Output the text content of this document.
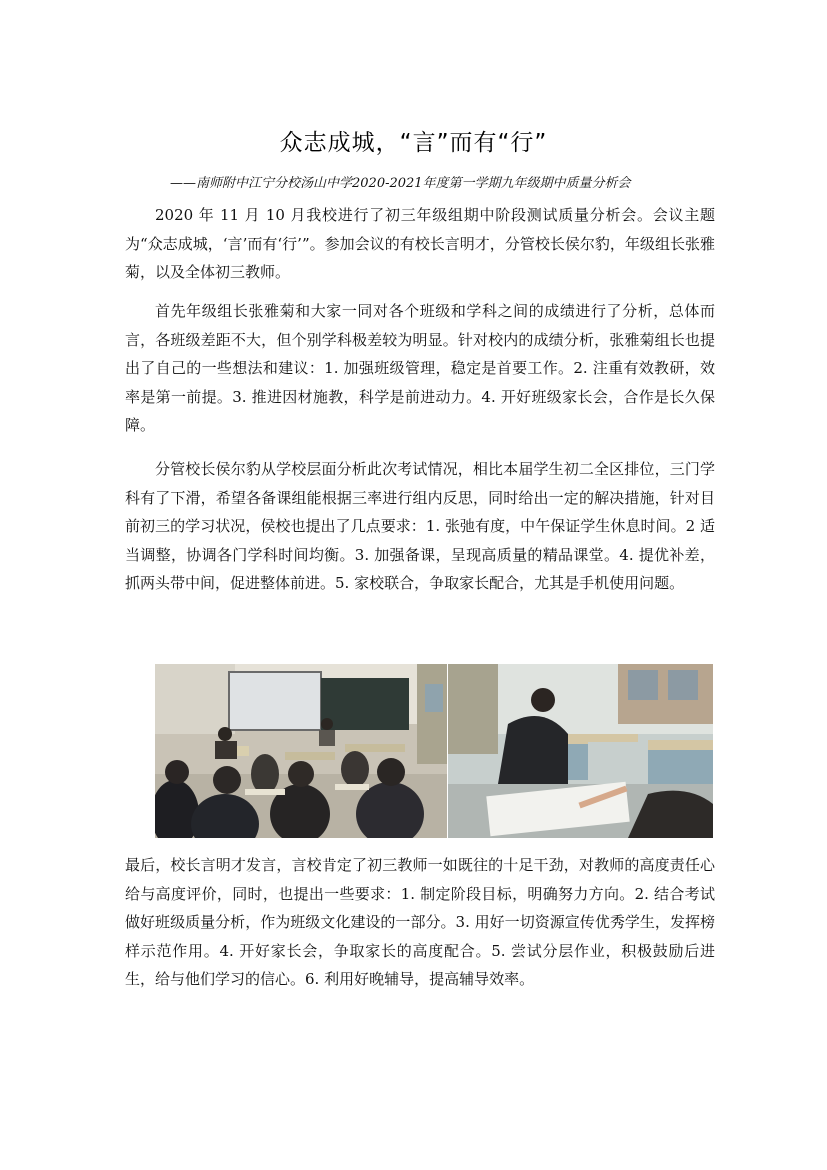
众志成城，“言”而有“行”
——南师附中江宁分校汤山中学2020-2021年度第一学期九年级期中质量分析会
2020 年 11 月 10 月我校进行了初三年级组期中阶段测试质量分析会。会议主题为“众志成城，‘言’而有‘行’”。参加会议的有校长言明才，分管校长侯尔豹，年级组长张雅菊，以及全体初三教师。
首先年级组长张雅菊和大家一同对各个班级和学科之间的成绩进行了分析，总体而言，各班级差距不大，但个别学科极差较为明显。针对校内的成绩分析，张雅菊组长也提出了自己的一些想法和建议：1. 加强班级管理，稳定是首要工作。2. 注重有效教研，效率是第一前提。3. 推进因材施教，科学是前进动力。4. 开好班级家长会，合作是长久保障。
分管校长侯尔豹从学校层面分析此次考试情况，相比本届学生初二全区排位，三门学科有了下滑，希望各备课组能根据三率进行组内反思，同时给出一定的解决措施，针对目前初三的学习状况，侯校也提出了几点要求：1. 张弛有度，中午保证学生休息时间。2 适当调整，协调各门学科时间均衡。3. 加强备课，呈现高质量的精品课堂。4. 提优补差，抓两头带中间，促进整体前进。5. 家校联合，争取家长配合，尤其是手机使用问题。
最后，校长言明才发言，言校肯定了初三教师一如既往的十足干劲，对教师的高度责任心给与高度评价，同时，也提出一些要求：1. 制定阶段目标，明确努力方向。2. 结合考试做好班级质量分析，作为班级文化建设的一部分。3. 用好一切资源宣传优秀学生，发挥榜样示范作用。4. 开好家长会，争取家长的高度配合。5. 尝试分层作业，积极鼓励后进生，给与他们学习的信心。6. 利用好晚辅导，提高辅导效率。
